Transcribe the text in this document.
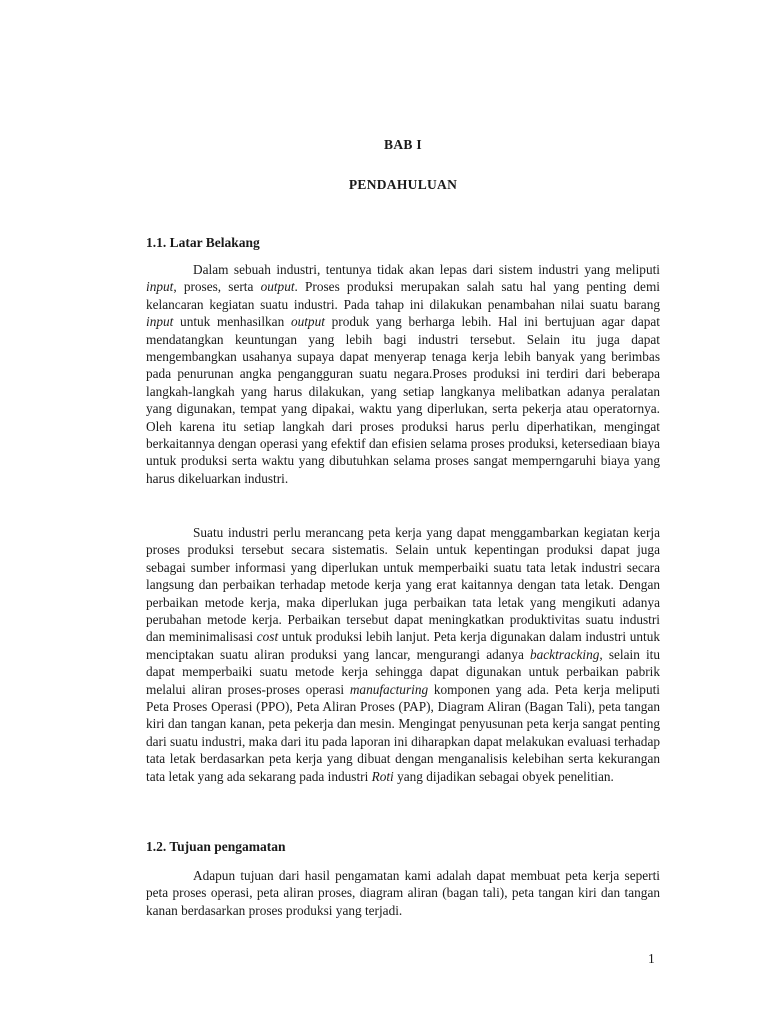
BAB I
PENDAHULUAN
1.1. Latar Belakang

Dalam sebuah industri, tentunya tidak akan lepas dari sistem industri yang meliputi input, proses, serta output. Proses produksi merupakan salah satu hal yang penting demi kelancaran kegiatan suatu industri. Pada tahap ini dilakukan penambahan nilai suatu barang input untuk menhasilkan output produk yang berharga lebih. Hal ini bertujuan agar dapat mendatangkan keuntungan yang lebih bagi industri tersebut. Selain itu juga dapat mengembangkan usahanya supaya dapat menyerap tenaga kerja lebih banyak yang berimbas pada penurunan angka pengangguran suatu negara.Proses produksi ini terdiri dari beberapa langkah-langkah yang harus dilakukan, yang setiap langkanya melibatkan adanya peralatan yang digunakan, tempat yang dipakai, waktu yang diperlukan, serta pekerja atau operatornya. Oleh karena itu setiap langkah dari proses produksi harus perlu diperhatikan, mengingat berkaitannya dengan operasi yang efektif dan efisien selama proses produksi, ketersediaan biaya untuk produksi serta waktu yang dibutuhkan selama proses sangat memperngaruhi biaya yang harus dikeluarkan industri.

Suatu industri perlu merancang peta kerja yang dapat menggambarkan kegiatan kerja proses produksi tersebut secara sistematis. Selain untuk kepentingan produksi dapat juga sebagai sumber informasi yang diperlukan untuk memperbaiki suatu tata letak industri secara langsung dan perbaikan terhadap metode kerja yang erat kaitannya dengan tata letak. Dengan perbaikan metode kerja, maka diperlukan juga perbaikan tata letak yang mengikuti adanya perubahan metode kerja. Perbaikan tersebut dapat meningkatkan produktivitas suatu industri dan meminimalisasi cost untuk produksi lebih lanjut. Peta kerja digunakan dalam industri untuk menciptakan suatu aliran produksi yang lancar, mengurangi adanya backtracking, selain itu dapat memperbaiki suatu metode kerja sehingga dapat digunakan untuk perbaikan pabrik melalui aliran proses-proses operasi manufacturing komponen yang ada. Peta kerja meliputi Peta Proses Operasi (PPO), Peta Aliran Proses (PAP), Diagram Aliran (Bagan Tali), peta tangan kiri dan tangan kanan, peta pekerja dan mesin. Mengingat penyusunan peta kerja sangat penting dari suatu industri, maka dari itu pada laporan ini diharapkan dapat melakukan evaluasi terhadap tata letak berdasarkan peta kerja yang dibuat dengan menganalisis kelebihan serta kekurangan tata letak yang ada sekarang pada industri Roti yang dijadikan sebagai obyek penelitian.

1.2. Tujuan pengamatan

Adapun tujuan dari hasil pengamatan kami adalah dapat membuat peta kerja seperti peta proses operasi, peta aliran proses, diagram aliran (bagan tali), peta tangan kiri dan tangan kanan berdasarkan proses produksi yang terjadi.

1
